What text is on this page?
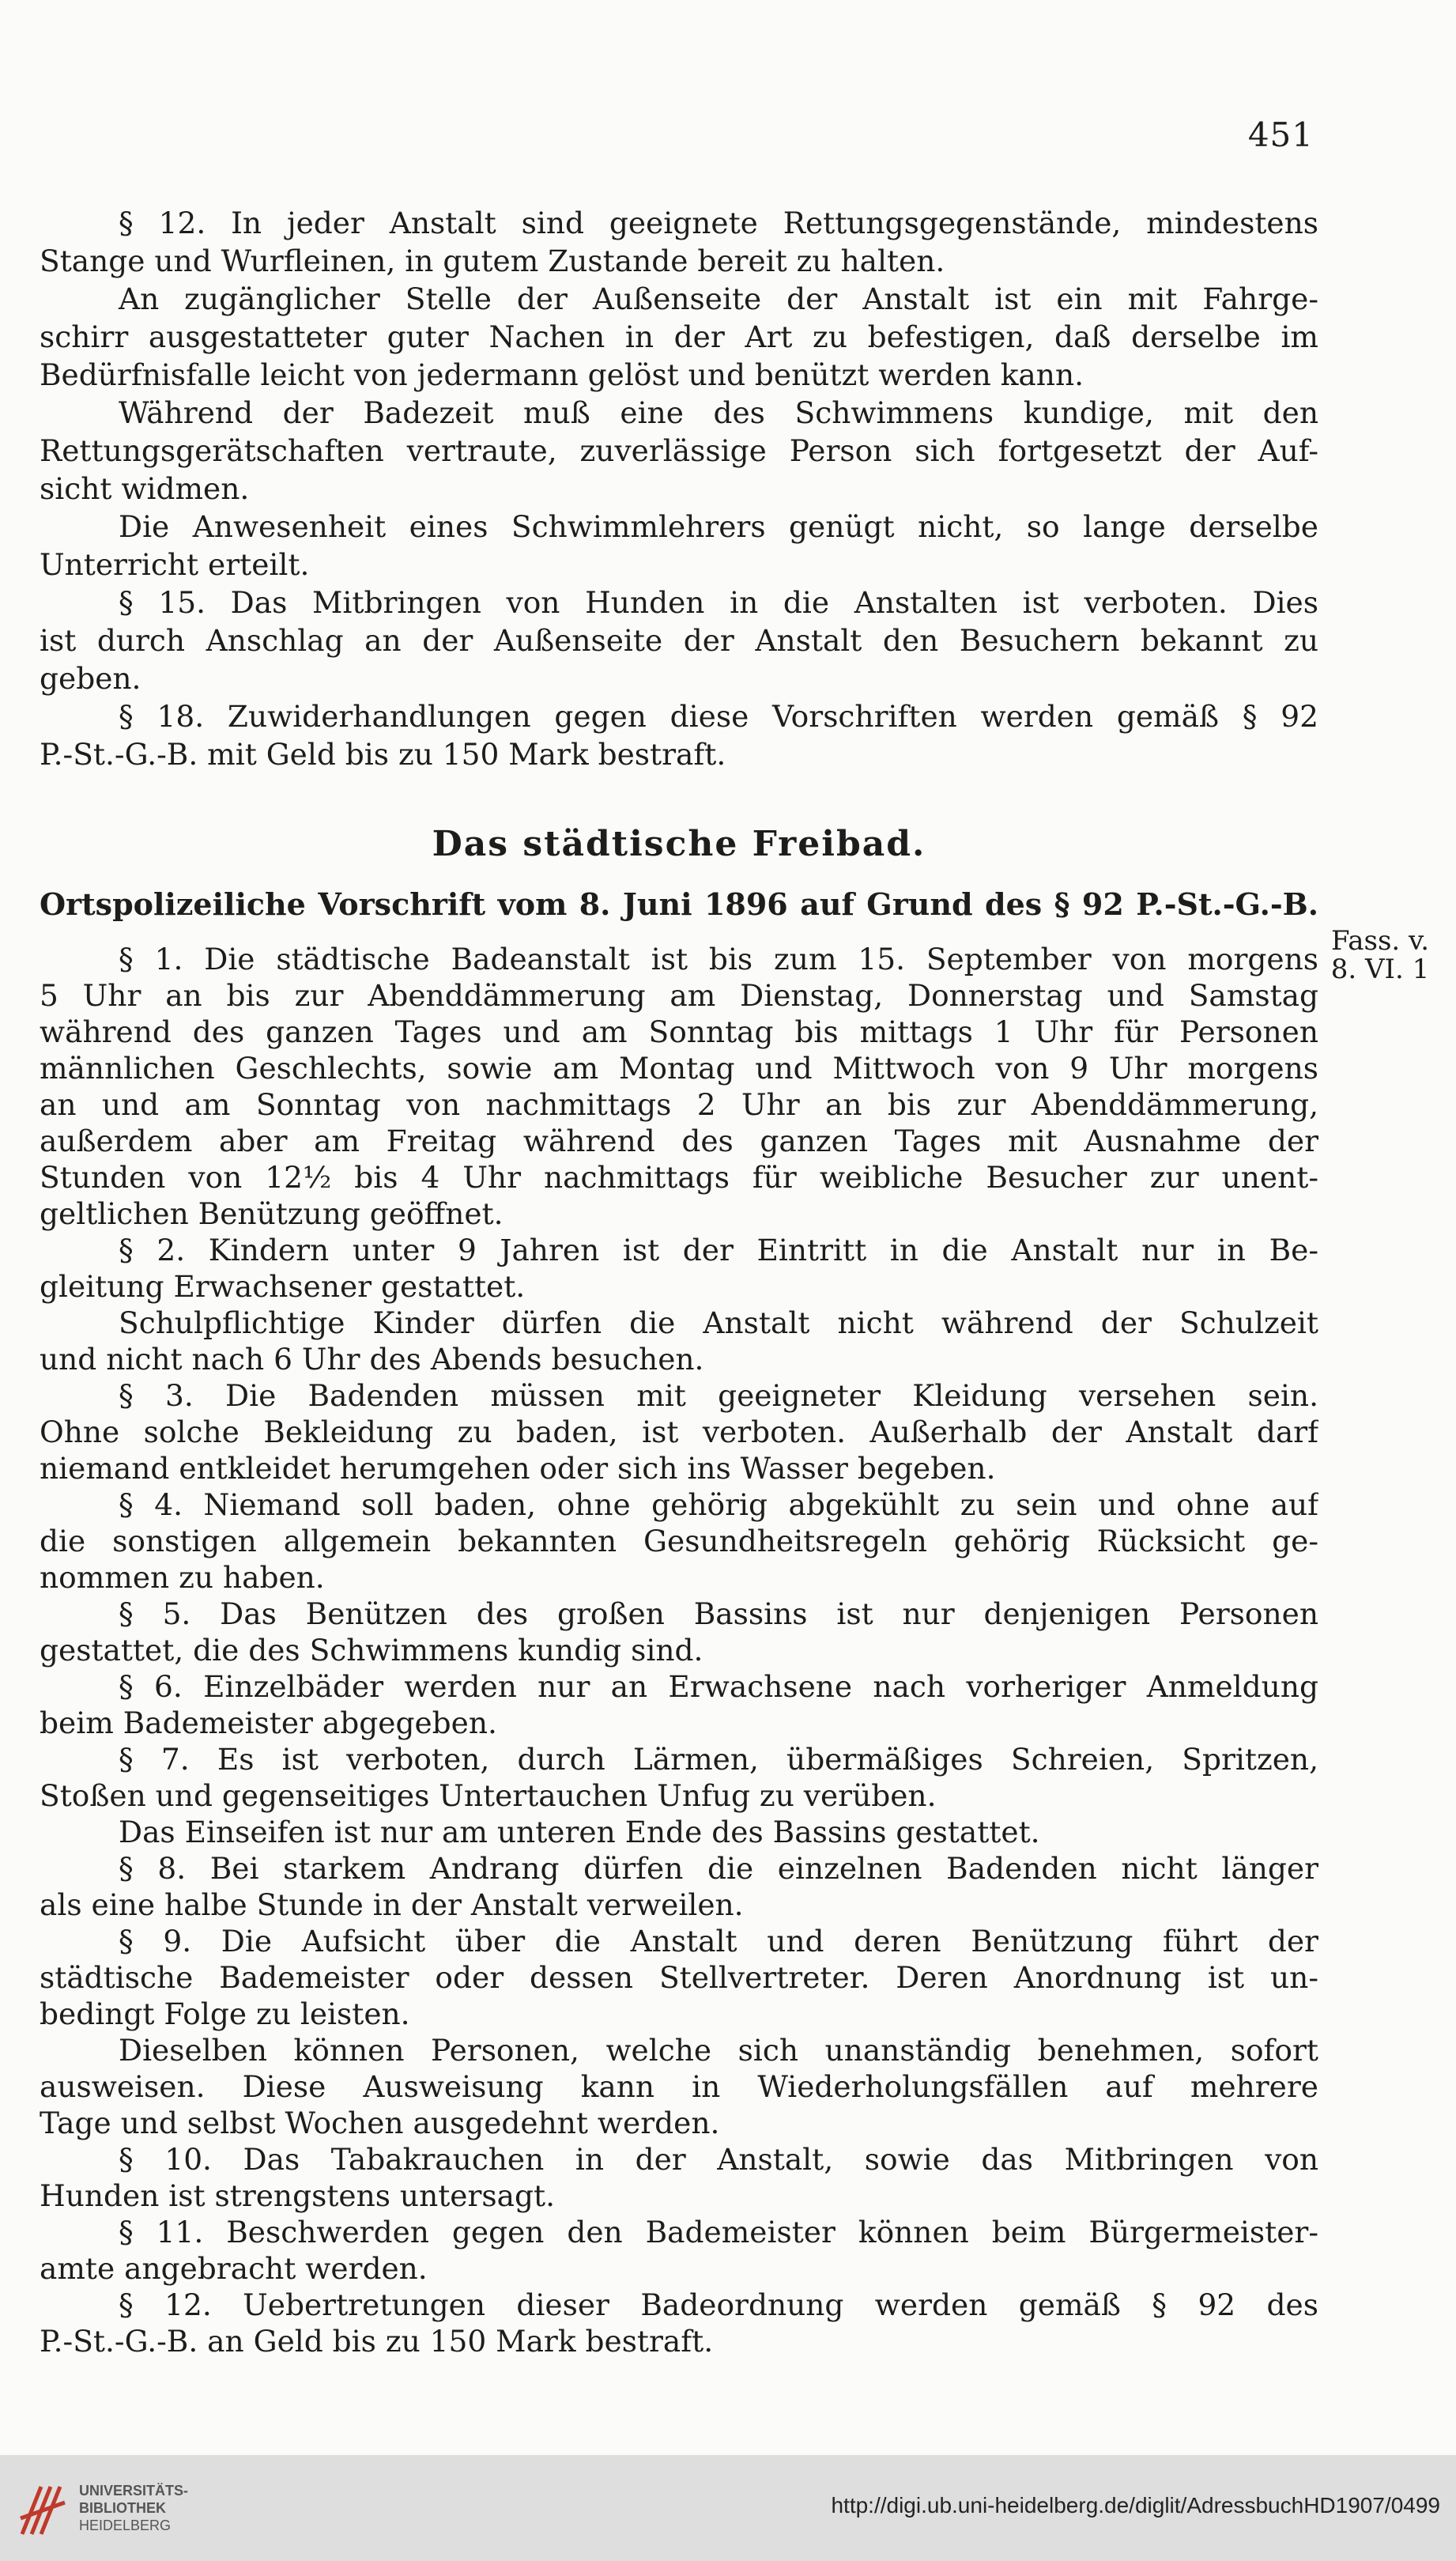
451
§ 12. In jeder Anstalt sind geeignete Rettungsgegenstände, mindestens
Stange und Wurfleinen, in gutem Zustande bereit zu halten.
An zugänglicher Stelle der Außenseite der Anstalt ist ein mit Fahrge-
schirr ausgestatteter guter Nachen in der Art zu befestigen, daß derselbe im
Bedürfnisfalle leicht von jedermann gelöst und benützt werden kann.
Während der Badezeit muß eine des Schwimmens kundige, mit den
Rettungsgerätschaften vertraute, zuverlässige Person sich fortgesetzt der Auf-
sicht widmen.
Die Anwesenheit eines Schwimmlehrers genügt nicht, so lange derselbe
Unterricht erteilt.
§ 15. Das Mitbringen von Hunden in die Anstalten ist verboten. Dies
ist durch Anschlag an der Außenseite der Anstalt den Besuchern bekannt zu
geben.
§ 18. Zuwiderhandlungen gegen diese Vorschriften werden gemäß § 92
P.-St.-G.-B. mit Geld bis zu 150 Mark bestraft.
Das städtische Freibad.
Ortspolizeiliche Vorschrift vom 8. Juni 1896 auf Grund des § 92 P.-St.-G.-B.
§ 1. Die städtische Badeanstalt ist bis zum 15. September von morgens
5 Uhr an bis zur Abenddämmerung am Dienstag, Donnerstag und Samstag
während des ganzen Tages und am Sonntag bis mittags 1 Uhr für Personen
männlichen Geschlechts, sowie am Montag und Mittwoch von 9 Uhr morgens
an und am Sonntag von nachmittags 2 Uhr an bis zur Abenddämmerung,
außerdem aber am Freitag während des ganzen Tages mit Ausnahme der
Stunden von 12½ bis 4 Uhr nachmittags für weibliche Besucher zur unent-
geltlichen Benützung geöffnet.
§ 2. Kindern unter 9 Jahren ist der Eintritt in die Anstalt nur in Be-
gleitung Erwachsener gestattet.
Schulpflichtige Kinder dürfen die Anstalt nicht während der Schulzeit
und nicht nach 6 Uhr des Abends besuchen.
§ 3. Die Badenden müssen mit geeigneter Kleidung versehen sein.
Ohne solche Bekleidung zu baden, ist verboten. Außerhalb der Anstalt darf
niemand entkleidet herumgehen oder sich ins Wasser begeben.
§ 4. Niemand soll baden, ohne gehörig abgekühlt zu sein und ohne auf
die sonstigen allgemein bekannten Gesundheitsregeln gehörig Rücksicht ge-
nommen zu haben.
§ 5. Das Benützen des großen Bassins ist nur denjenigen Personen
gestattet, die des Schwimmens kundig sind.
§ 6. Einzelbäder werden nur an Erwachsene nach vorheriger Anmeldung
beim Bademeister abgegeben.
§ 7. Es ist verboten, durch Lärmen, übermäßiges Schreien, Spritzen,
Stoßen und gegenseitiges Untertauchen Unfug zu verüben.
Das Einseifen ist nur am unteren Ende des Bassins gestattet.
§ 8. Bei starkem Andrang dürfen die einzelnen Badenden nicht länger
als eine halbe Stunde in der Anstalt verweilen.
§ 9. Die Aufsicht über die Anstalt und deren Benützung führt der
städtische Bademeister oder dessen Stellvertreter. Deren Anordnung ist un-
bedingt Folge zu leisten.
Dieselben können Personen, welche sich unanständig benehmen, sofort
ausweisen. Diese Ausweisung kann in Wiederholungsfällen auf mehrere
Tage und selbst Wochen ausgedehnt werden.
§ 10. Das Tabakrauchen in der Anstalt, sowie das Mitbringen von
Hunden ist strengstens untersagt.
§ 11. Beschwerden gegen den Bademeister können beim Bürgermeister-
amte angebracht werden.
§ 12. Uebertretungen dieser Badeordnung werden gemäß § 92 des
P.-St.-G.-B. an Geld bis zu 150 Mark bestraft.
Fass. v.
8. VI. 1
UNIVERSITÄTS-
BIBLIOTHEK
HEIDELBERG
http://digi.ub.uni-heidelberg.de/diglit/AdressbuchHD1907/0499
